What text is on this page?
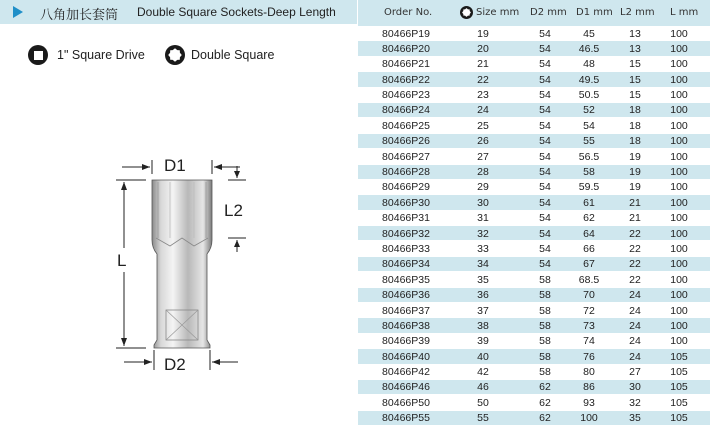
八角加长套筒 Double Square Sockets-Deep Length
1" Square Drive	Double Square
D1
L2
L
D2
Order No.	Size mm D2 mm D1 mm L2 mm L mm
80466P19	19	54	45	13	100
80466P20	20	54	46.5	13	100
80466P21	21	54	48	15	100
80466P22	22	54	49.5	15	100
80466P23	23	54	50.5	15	100
80466P24	24	54	52	18	100
80466P25	25	54	54	18	100
80466P26	26	54	55	18	100
80466P27	27	54	56.5	19	100
80466P28	28	54	58	19	100
80466P29	29	54	59.5	19	100
80466P30	30	54	61	21	100
80466P31	31	54	62	21	100
80466P32	32	54	64	22	100
80466P33	33	54	66	22	100
80466P34	34	54	67	22	100
80466P35	35	58	68.5	22	100
80466P36	36	58	70	24	100
80466P37	37	58	72	24	100
80466P38	38	58	73	24	100
80466P39	39	58	74	24	100
80466P40	40	58	76	24	105
80466P42	42	58	80	27	105
80466P46	46	62	86	30	105
80466P50	50	62	93	32	105
80466P55	55	62	100	35	105
